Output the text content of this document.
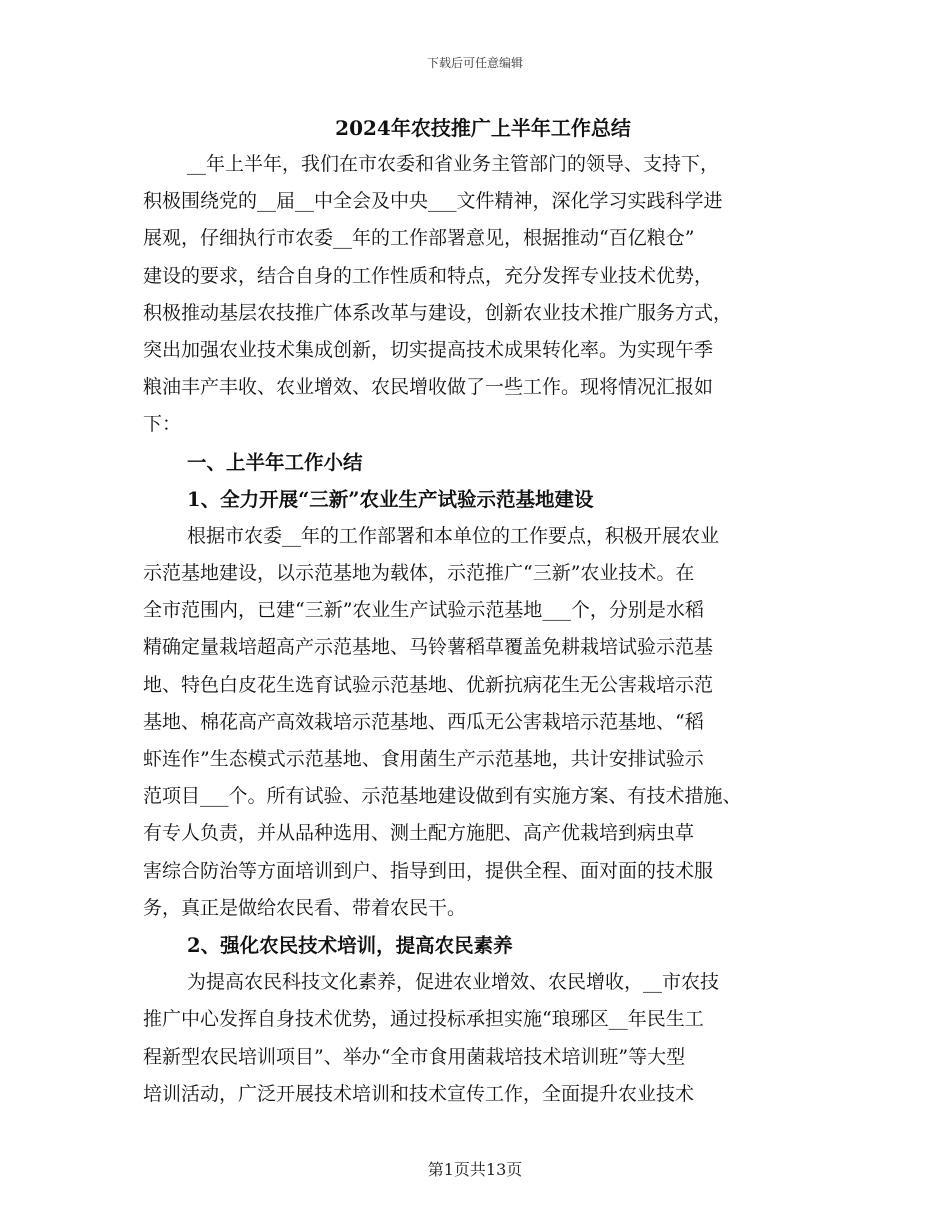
下载后可任意编辑
2024年农技推广上半年工作总结
__年上半年，我们在市农委和省业务主管部门的领导、支持下，
积极围绕党的__届__中全会及中央___文件精神，深化学习实践科学进
展观，仔细执行市农委__年的工作部署意见，根据推动“百亿粮仓”
建设的要求，结合自身的工作性质和特点，充分发挥专业技术优势，
积极推动基层农技推广体系改革与建设，创新农业技术推广服务方式，
突出加强农业技术集成创新，切实提高技术成果转化率。为实现午季
粮油丰产丰收、农业增效、农民增收做了一些工作。现将情况汇报如
下：
一、上半年工作小结
1、全力开展“三新”农业生产试验示范基地建设
根据市农委__年的工作部署和本单位的工作要点，积极开展农业
示范基地建设，以示范基地为载体，示范推广“三新”农业技术。在
全市范围内，已建“三新”农业生产试验示范基地___个，分别是水稻
精确定量栽培超高产示范基地、马铃薯稻草覆盖免耕栽培试验示范基
地、特色白皮花生选育试验示范基地、优新抗病花生无公害栽培示范
基地、棉花高产高效栽培示范基地、西瓜无公害栽培示范基地、“稻
虾连作”生态模式示范基地、食用菌生产示范基地，共计安排试验示
范项目___个。所有试验、示范基地建设做到有实施方案、有技术措施、
有专人负责，并从品种选用、测土配方施肥、高产优栽培到病虫草
害综合防治等方面培训到户、指导到田，提供全程、面对面的技术服
务，真正是做给农民看、带着农民干。
2、强化农民技术培训，提高农民素养
为提高农民科技文化素养，促进农业增效、农民增收，__市农技
推广中心发挥自身技术优势，通过投标承担实施“琅琊区__年民生工
程新型农民培训项目”、举办“全市食用菌栽培技术培训班”等大型
培训活动，广泛开展技术培训和技术宣传工作，全面提升农业技术
第1页共13页
